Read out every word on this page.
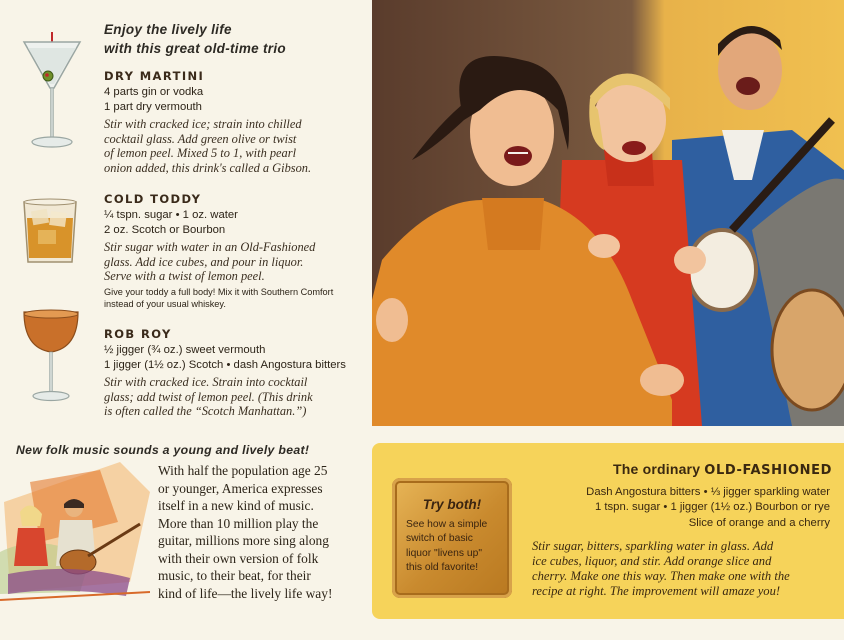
Enjoy the lively life
with this great old-time trio
DRY MARTINI
4 parts gin or vodka
1 part dry vermouth
Stir with cracked ice; strain into chilled
cocktail glass. Add green olive or twist
of lemon peel. Mixed 5 to 1, with pearl
onion added, this drink's called a Gibson.
COLD TODDY
¼ tspn. sugar • 1 oz. water
2 oz. Scotch or Bourbon
Stir sugar with water in an Old-Fashioned
glass. Add ice cubes, and pour in liquor.
Serve with a twist of lemon peel.
Give your toddy a full body! Mix it with Southern Comfort
instead of your usual whiskey.
ROB ROY
½ jigger (¾ oz.) sweet vermouth
1 jigger (1½ oz.) Scotch • dash Angostura bitters
Stir with cracked ice. Strain into cocktail
glass; add twist of lemon peel. (This drink
is often called the “Scotch Manhattan.”)
New folk music sounds a young and lively beat!
With half the population age 25
or younger, America expresses
itself in a new kind of music.
More than 10 million play the
guitar, millions more sing along
with their own version of folk
music, to their beat, for their
kind of life—the lively life way!
The ordinary OLD-FASHIONED
Dash Angostura bitters • ⅓ jigger sparkling water
1 tspn. sugar • 1 jigger (1½ oz.) Bourbon or rye
Slice of orange and a cherry
Stir sugar, bitters, sparkling water in glass. Add
ice cubes, liquor, and stir. Add orange slice and
cherry. Make one this way. Then make one with the
recipe at right. The improvement will amaze you!
Try both!
See how a simple
switch of basic
liquor "livens up"
this old favorite!
